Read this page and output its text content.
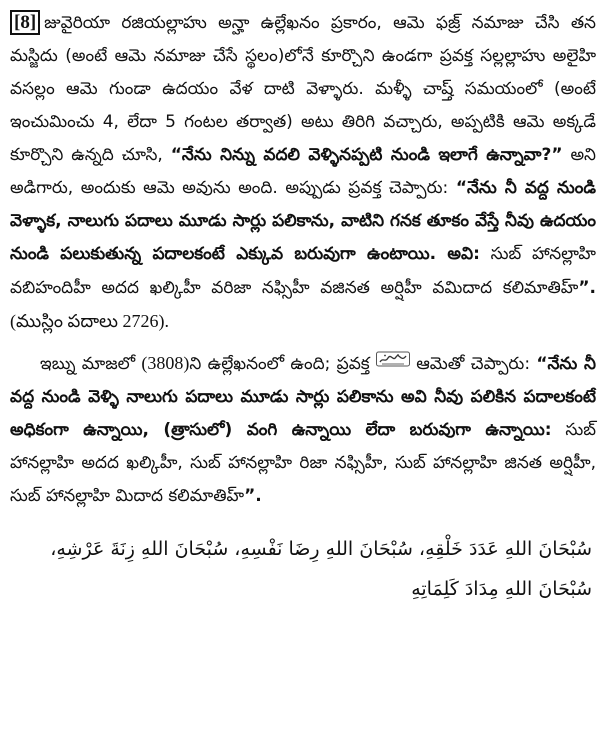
[8] జువైరియా రజియల్లాహు అన్హా ఉల్లేఖనం ప్రకారం, ఆమె ఫజ్ర్ నమాజు చేసి తన మస్జిదు (అంటే ఆమె నమాజు చేసే స్థలం)లోనే కూర్చొని ఉండగా ప్రవక్త సల్లల్లాహు అలైహి వసల్లం ఆమె గుండా ఉదయం వేళ దాటి వెళ్ళారు. మళ్ళీ చాష్త్ సమయంలో (అంటే ఇంచుమించు 4, లేదా 5 గంటల తర్వాత) అటు తిరిగి వచ్చారు, అప్పటికి ఆమె అక్కడే కూర్చొని ఉన్నది చూసి, “నేను నిన్ను వదలి వెళ్ళినప్పటి నుండి ఇలాగే ఉన్నావా?” అని అడిగారు, అందుకు ఆమె అవును అంది. అప్పుడు ప్రవక్త చెప్పారు: “నేను నీ వద్ద నుండి వెళ్ళాక, నాలుగు పదాలు మూడు సార్లు పలికాను, వాటిని గనక తూకం వేస్తే నీవు ఉదయం నుండి పలుకుతున్న పదాలకంటే ఎక్కువ బరువుగా ఉంటాయి. అవి: సుబ్ హానల్లాహి వబిహందిహీ అదద ఖల్కిహీ వరిజా నఫ్సిహీ వజినత అర్షిహీ వమిదాద కలిమాతిహ్”. (ముస్లిం పదాలు 2726).

ఇబ్ను మాజలో (3808)ని ఉల్లేఖనంలో ఉంది; ప్రవక్త
ఆమెతో చెప్పారు: “నేను నీ వద్ద నుండి వెళ్ళి నాలుగు పదాలు మూడు సార్లు పలికాను అవి నీవు పలికిన పదాలకంటే అధికంగా ఉన్నాయి, (త్రాసులో) వంగి ఉన్నాయి లేదా బరువుగా ఉన్నాయి: సుబ్ హానల్లాహి అదద ఖల్కిహీ, సుబ్ హానల్లాహి రిజా నఫ్సిహీ, సుబ్ హానల్లాహి జినత అర్షిహీ, సుబ్ హానల్లాహి మిదాద కలిమాతిహ్”.

سُبْحَانَ اللهِ عَدَدَ خَلْقِهِ، سُبْحَانَ اللهِ رِضَا نَفْسِهِ، سُبْحَانَ اللهِ زِنَةَ عَرْشِهِ،
سُبْحَانَ اللهِ مِدَادَ كَلِمَاتِهِ
